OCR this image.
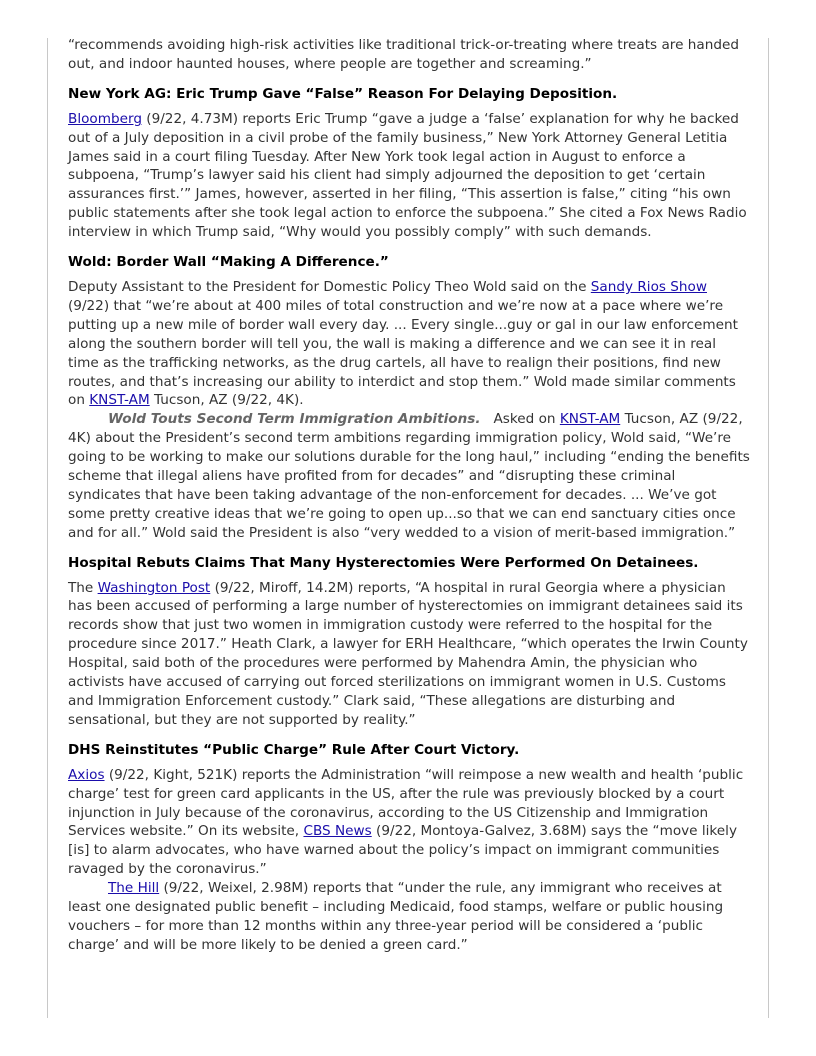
“recommends avoiding high-risk activities like traditional trick-or-treating where treats are handed out, and indoor haunted houses, where people are together and screaming.”

New York AG: Eric Trump Gave “False” Reason For Delaying Deposition.

Bloomberg (9/22, 4.73M) reports Eric Trump “gave a judge a ‘false’ explanation for why he backed out of a July deposition in a civil probe of the family business,” New York Attorney General Letitia James said in a court filing Tuesday. After New York took legal action in August to enforce a subpoena, “Trump’s lawyer said his client had simply adjourned the deposition to get ‘certain assurances first.’” James, however, asserted in her filing, “This assertion is false,” citing “his own public statements after she took legal action to enforce the subpoena.” She cited a Fox News Radio interview in which Trump said, “Why would you possibly comply” with such demands.

Wold: Border Wall “Making A Difference.”

Deputy Assistant to the President for Domestic Policy Theo Wold said on the Sandy Rios Show (9/22) that “we’re about at 400 miles of total construction and we’re now at a pace where we’re putting up a new mile of border wall every day. ... Every single...guy or gal in our law enforcement along the southern border will tell you, the wall is making a difference and we can see it in real time as the trafficking networks, as the drug cartels, all have to realign their positions, find new routes, and that’s increasing our ability to interdict and stop them.” Wold made similar comments on KNST-AM Tucson, AZ (9/22, 4K).

Wold Touts Second Term Immigration Ambitions.   Asked on KNST-AM Tucson, AZ (9/22, 4K) about the President’s second term ambitions regarding immigration policy, Wold said, “We’re going to be working to make our solutions durable for the long haul,” including “ending the benefits scheme that illegal aliens have profited from for decades” and “disrupting these criminal syndicates that have been taking advantage of the non-enforcement for decades. ... We’ve got some pretty creative ideas that we’re going to open up...so that we can end sanctuary cities once and for all.” Wold said the President is also “very wedded to a vision of merit-based immigration.”

Hospital Rebuts Claims That Many Hysterectomies Were Performed On Detainees.

The Washington Post (9/22, Miroff, 14.2M) reports, “A hospital in rural Georgia where a physician has been accused of performing a large number of hysterectomies on immigrant detainees said its records show that just two women in immigration custody were referred to the hospital for the procedure since 2017.” Heath Clark, a lawyer for ERH Healthcare, “which operates the Irwin County Hospital, said both of the procedures were performed by Mahendra Amin, the physician who activists have accused of carrying out forced sterilizations on immigrant women in U.S. Customs and Immigration Enforcement custody.” Clark said, “These allegations are disturbing and sensational, but they are not supported by reality.”

DHS Reinstitutes “Public Charge” Rule After Court Victory.

Axios (9/22, Kight, 521K) reports the Administration “will reimpose a new wealth and health ‘public charge’ test for green card applicants in the US, after the rule was previously blocked by a court injunction in July because of the coronavirus, according to the US Citizenship and Immigration Services website.” On its website, CBS News (9/22, Montoya-Galvez, 3.68M) says the “move likely [is] to alarm advocates, who have warned about the policy’s impact on immigrant communities ravaged by the coronavirus.”

The Hill (9/22, Weixel, 2.98M) reports that “under the rule, any immigrant who receives at least one designated public benefit – including Medicaid, food stamps, welfare or public housing vouchers – for more than 12 months within any three-year period will be considered a ‘public charge’ and will be more likely to be denied a green card.”
